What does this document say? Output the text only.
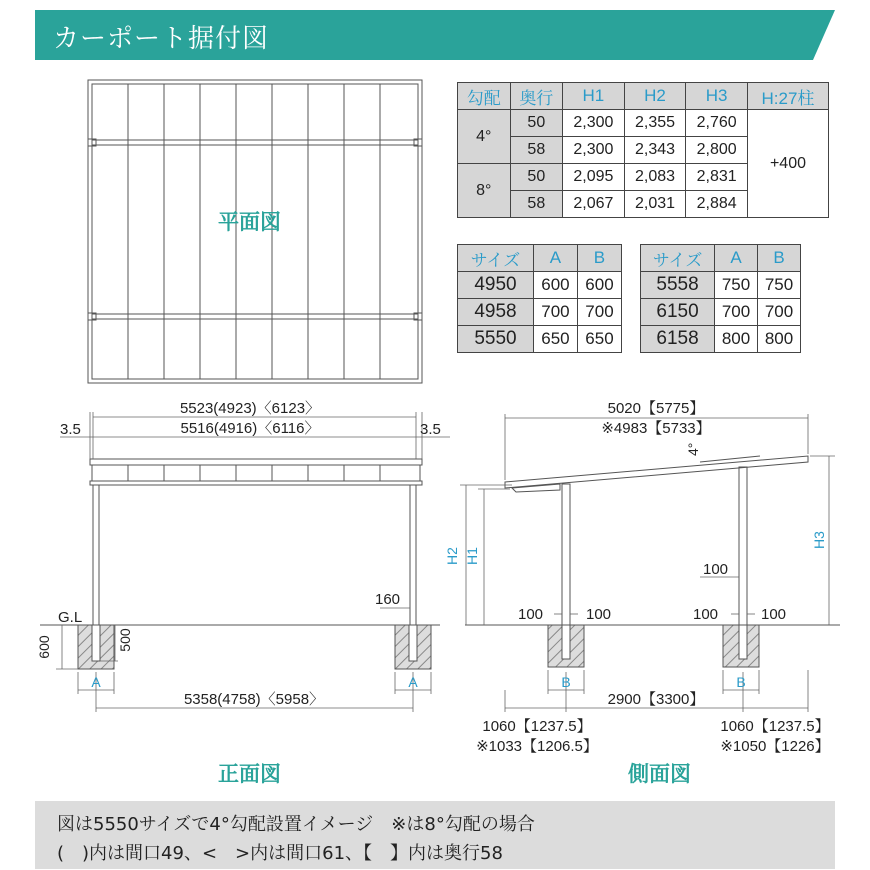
カーポート据付図
5523(4923)〈6123〉
5516(4916)〈6116〉
3.5	3.5
160
G.L
600	500
A	A
5358(4758)〈5958〉
5020【5775】
※4983【5733】
4°
H2 H1
H3
100
100	100	100	100
B	B
2900【3300】
1060【1237.5】
※1033【1206.5】
1060【1237.5】
※1050【1226】
平面図
正面図	側面図
勾配	奥行	H1	H2	H3	H:27柱
4°	50	2,300	2,355	2,760	+400
	58	2,300	2,343	2,800	
8°	50	2,095	2,083	2,831	
	58	2,067	2,031	2,884	
サイズ	A	B
4950	600	600
4958	700	700
5550	650	650
サイズ	A	B
5558	750	750
6150	700	700
6158	800	800
図は5550サイズで4°勾配設置イメージ　※は8°勾配の場合
(　)内は間口49、<　>内は間口61、【　】内は奥行58
